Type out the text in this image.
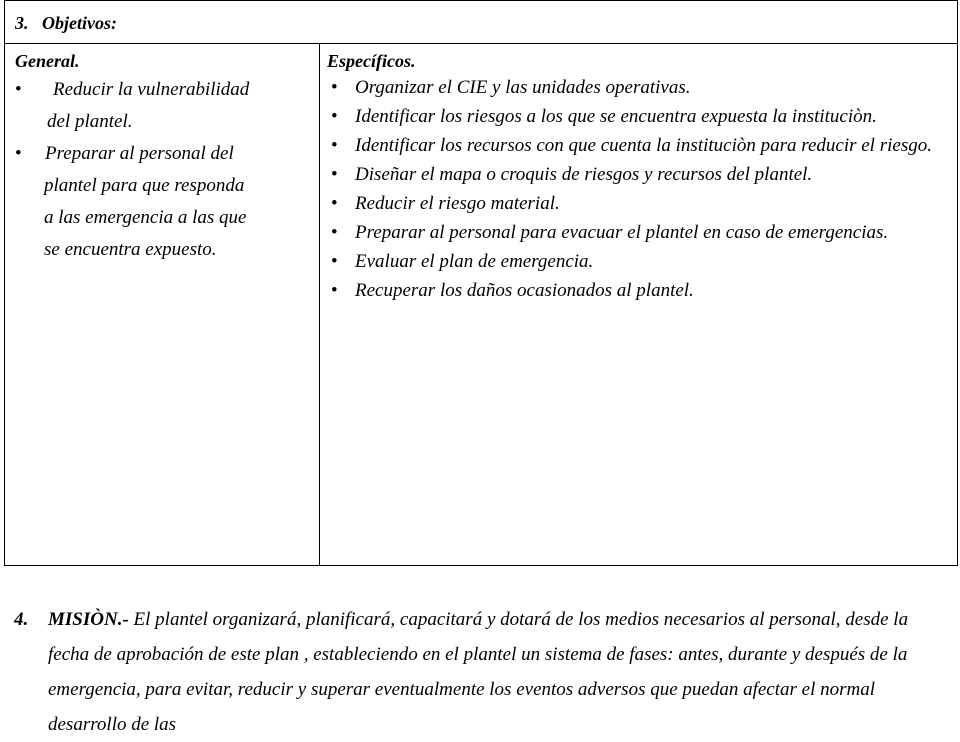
3. Objetivos:
General.
•	Reducir la vulnerabilidad
del plantel.
•	Preparar al personal del
plantel para que responda
a las emergencia a las que
se encuentra expuesto.
Específicos.
• Organizar el CIE y las unidades operativas.
• Identificar los riesgos a los que se encuentra expuesta la instituciòn.
• Identificar los recursos con que cuenta la instituciòn para reducir el riesgo.
• Diseñar el mapa o croquis de riesgos y recursos del plantel.
• Reducir el riesgo material.
• Preparar al personal para evacuar el plantel en caso de emergencias.
• Evaluar el plan de emergencia.
• Recuperar los daños ocasionados al plantel.
4.	MISIÒN.- El plantel organizará, planificará, capacitará y dotará de los medios necesarios al personal, desde la fecha de aprobación de este plan , estableciendo en el plantel un sistema de fases: antes, durante y después de la emergencia, para evitar, reducir y superar eventualmente los eventos adversos que puedan afectar el normal desarrollo de las
